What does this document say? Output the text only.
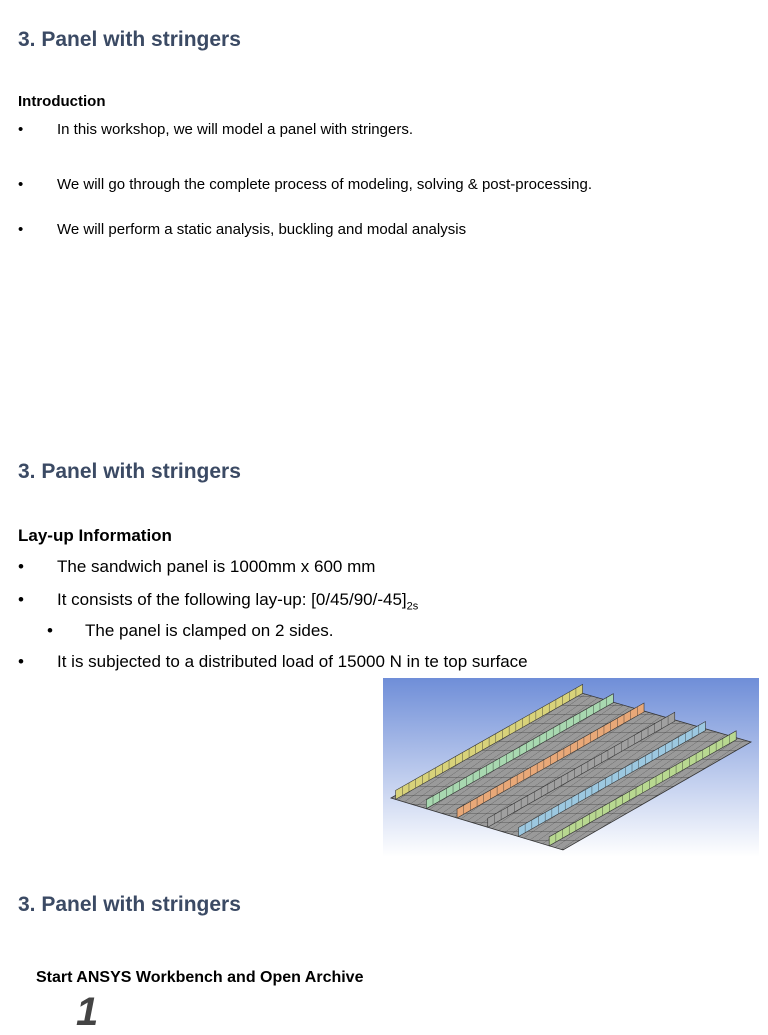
3. Panel with stringers
Introduction
• In this workshop, we will model a panel with stringers.
• We will go through the complete process of modeling, solving & post-processing.
• We will perform a static analysis, buckling and modal analysis
3. Panel with stringers
Lay-up Information
• The sandwich panel is 1000mm x 600 mm
• It consists of the following lay-up: $[0/45/90/-45]_{2s}$
• The panel is clamped on 2 sides.
• It is subjected to a distributed load of 15000 N in te top surface
3. Panel with stringers
Start ANSYS Workbench and Open Archive
1
